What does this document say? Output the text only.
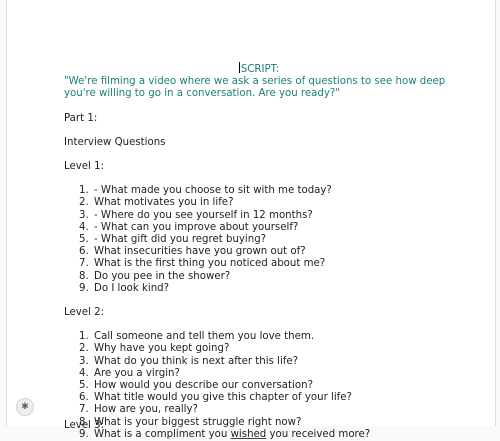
SCRIPT:

"We're filming a video where we ask a series of questions to see how deep you're willing to go in a conversation. Are you ready?"

Part 1:

Interview Questions

Level 1:

1. - What made you choose to sit with me today?
2. What motivates you in life?
3. - Where do you see yourself in 12 months?
4. - What can you improve about yourself?
5. - What gift did you regret buying?
6. What insecurities have you grown out of?
7. What is the first thing you noticed about me?
8. Do you pee in the shower?
9. Do I look kind?

Level 2:

1. Call someone and tell them you love them.
2. Why have you kept going?
3. What do you think is next after this life?
4. Are you a virgin?
5. How would you describe our conversation?
6. What title would you give this chapter of your life?
7. How are you, really?
8. What is your biggest struggle right now?
9. What is a compliment you wished you received more?
Level 3:
✱
